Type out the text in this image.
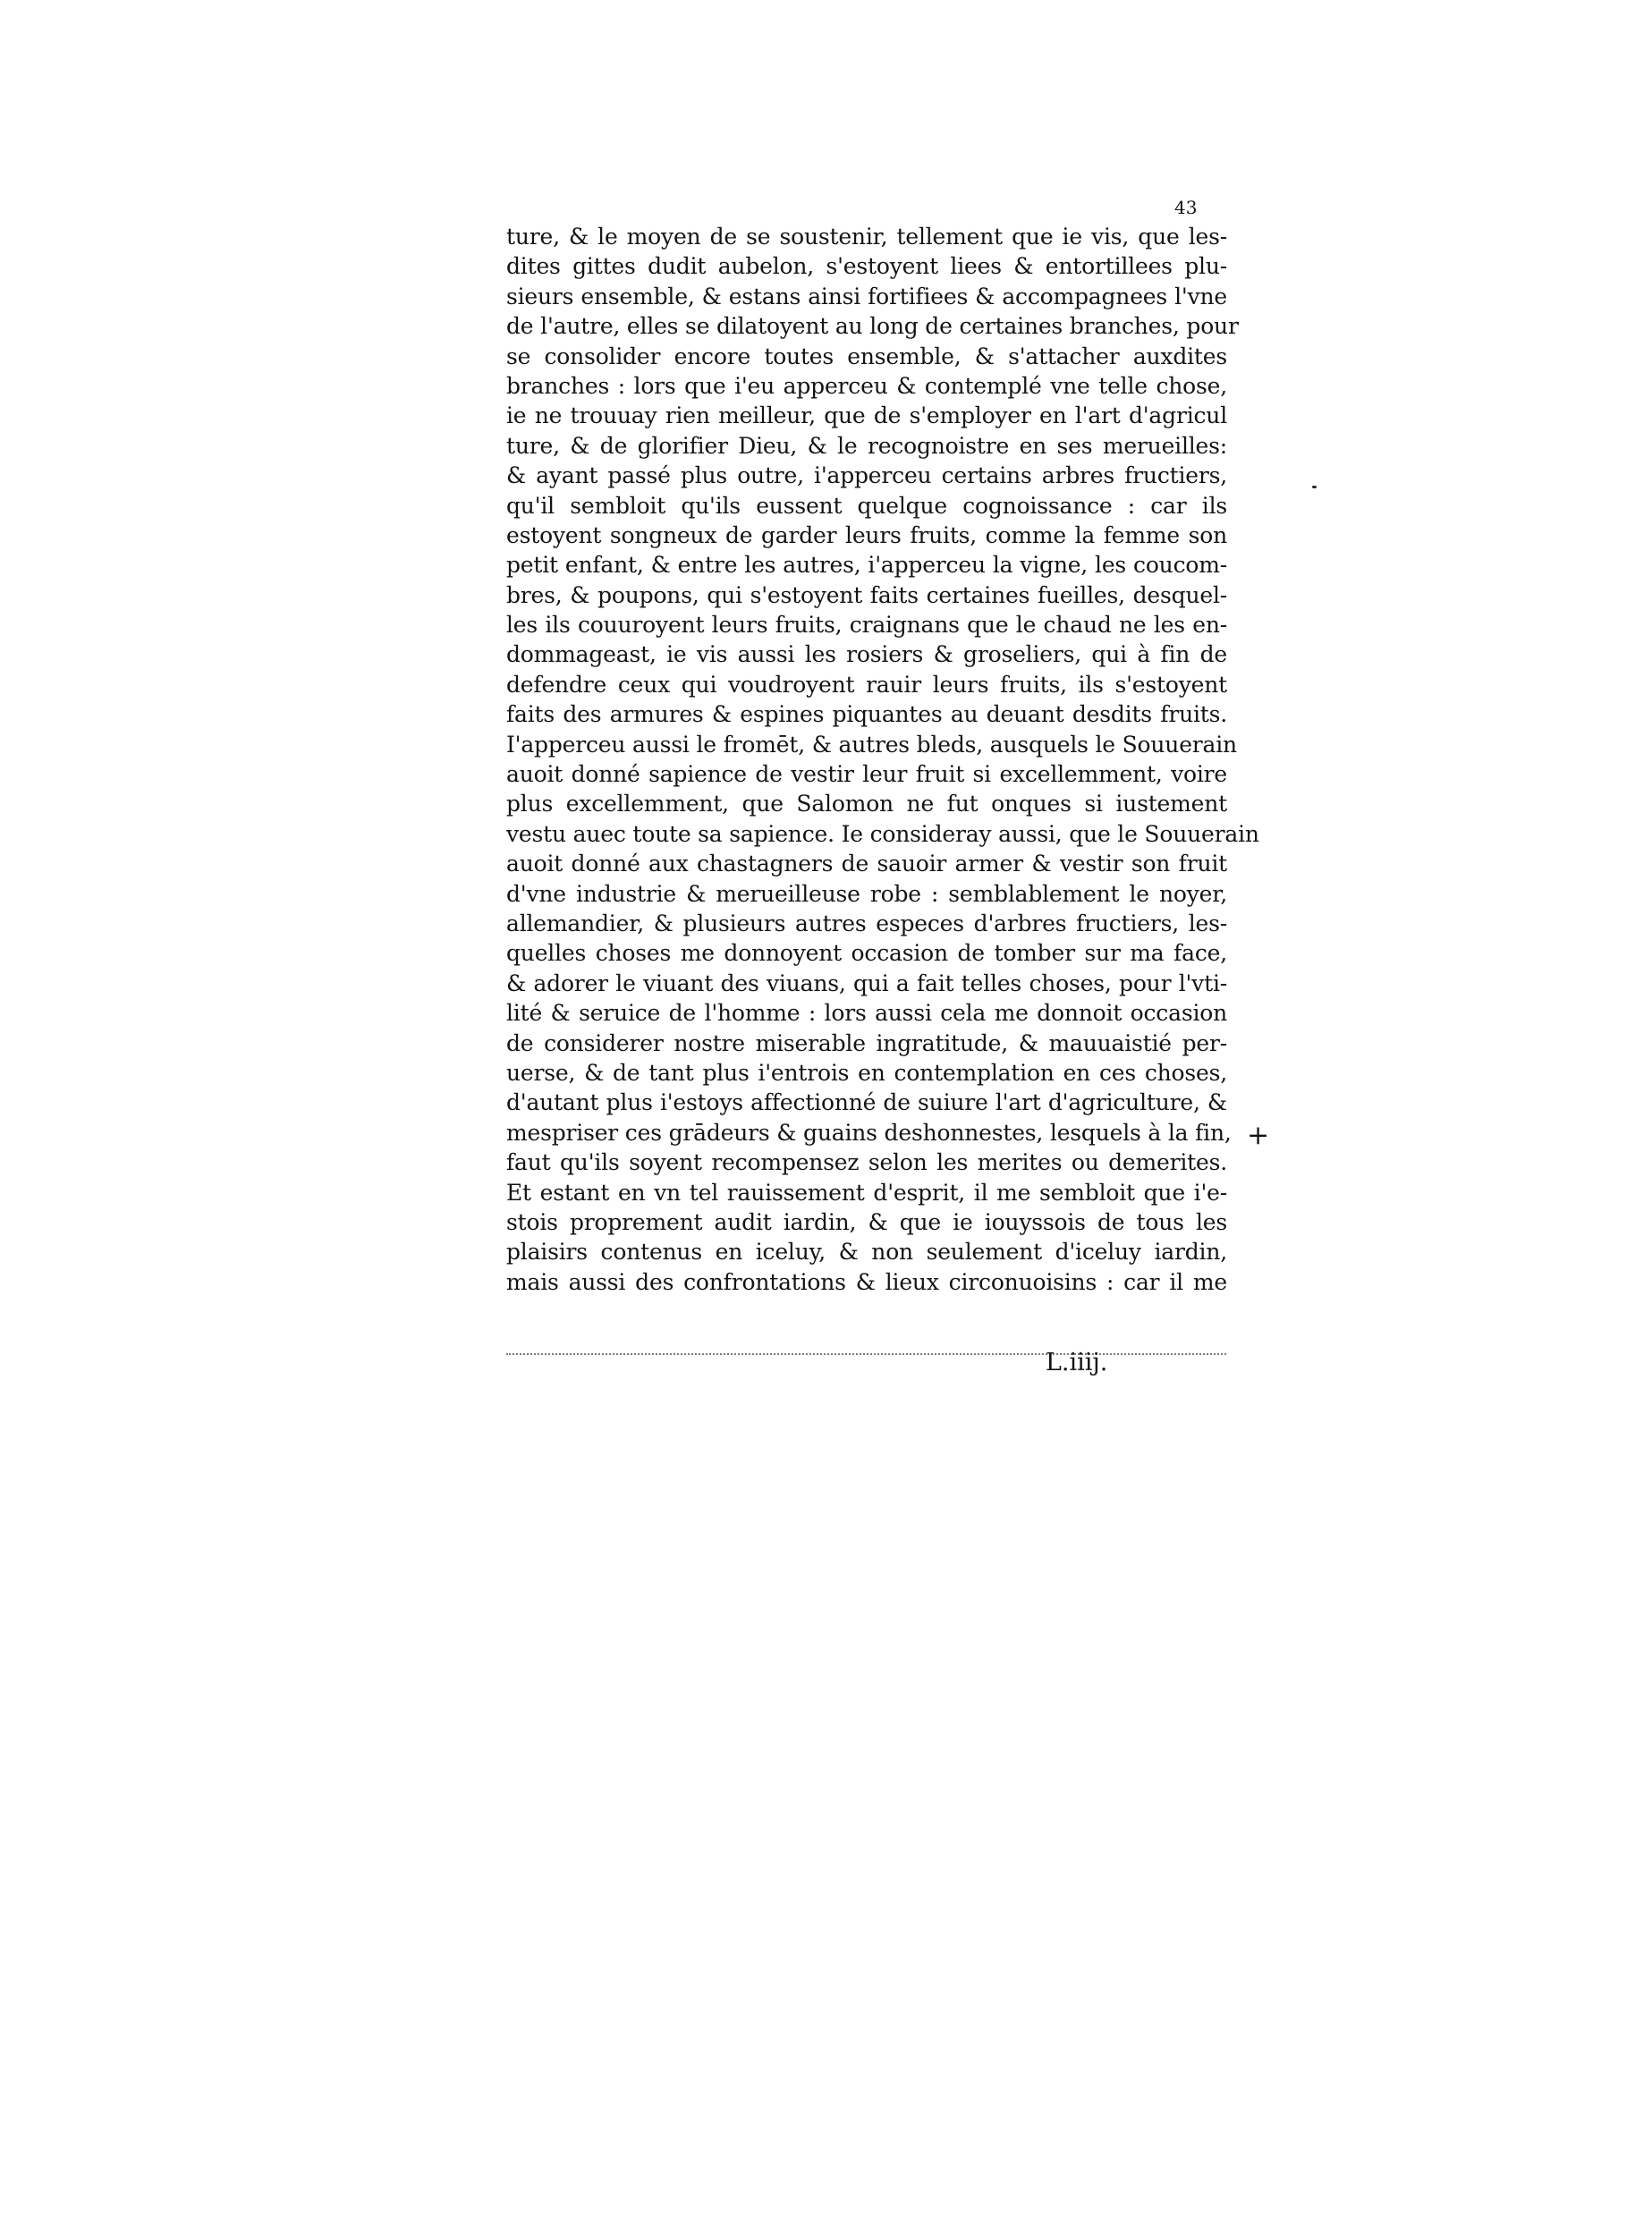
43
ture, & le moyen de se soustenir, tellement que ie vis, que les-
dites gittes dudit aubelon, s'estoyent liees & entortillees plu-
sieurs ensemble, & estans ainsi fortifiees & accompagnees l'vne
de l'autre, elles se dilatoyent au long de certaines branches, pour
se consolider encore toutes ensemble, & s'attacher auxdites
branches : lors que i'eu apperceu & contemplé vne telle chose,
ie ne trouuay rien meilleur, que de s'employer en l'art d'agricul
ture, & de glorifier Dieu, & le recognoistre en ses merueilles:
& ayant passé plus outre, i'apperceu certains arbres fructiers,
qu'il sembloit qu'ils eussent quelque cognoissance : car ils
estoyent songneux de garder leurs fruits, comme la femme son
petit enfant, & entre les autres, i'apperceu la vigne, les coucom-
bres, & poupons, qui s'estoyent faits certaines fueilles, desquel-
les ils couuroyent leurs fruits, craignans que le chaud ne les en-
dommageast, ie vis aussi les rosiers & groseliers, qui à fin de
defendre ceux qui voudroyent rauir leurs fruits, ils s'estoyent
faits des armures & espines piquantes au deuant desdits fruits.
I'apperceu aussi le fromēt, & autres bleds, ausquels le Souuerain
auoit donné sapience de vestir leur fruit si excellemment, voire
plus excellemment, que Salomon ne fut onques si iustement
vestu auec toute sa sapience. Ie consideray aussi, que le Souuerain
auoit donné aux chastagners de sauoir armer & vestir son fruit
d'vne industrie & merueilleuse robe : semblablement le noyer,
allemandier, & plusieurs autres especes d'arbres fructiers, les-
quelles choses me donnoyent occasion de tomber sur ma face,
& adorer le viuant des viuans, qui a fait telles choses, pour l'vti-
lité & seruice de l'homme : lors aussi cela me donnoit occasion
de considerer nostre miserable ingratitude, & mauuaistié per-
uerse, & de tant plus i'entrois en contemplation en ces choses,
d'autant plus i'estoys affectionné de suiure l'art d'agriculture, &
mespriser ces grādeurs & guains deshonnestes, lesquels à la fin,
faut qu'ils soyent recompensez selon les merites ou demerites.
Et estant en vn tel rauissement d'esprit, il me sembloit que i'e-
stois proprement audit iardin, & que ie iouyssois de tous les
plaisirs contenus en iceluy, & non seulement d'iceluy iardin,
mais aussi des confrontations & lieux circonuoisins : car il me
L.iiij.
+
